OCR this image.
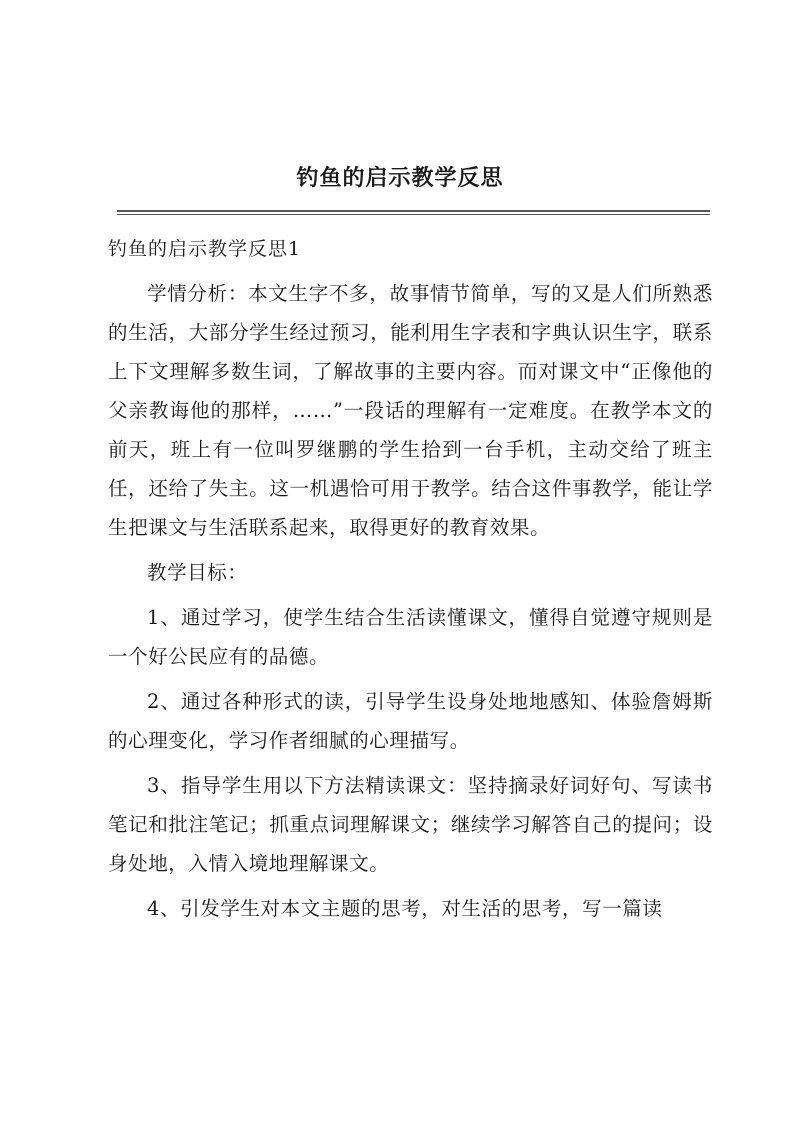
钓鱼的启示教学反思

钓鱼的启示教学反思1

学情分析：本文生字不多，故事情节简单，写的又是人们所熟悉的生活，大部分学生经过预习，能利用生字表和字典认识生字，联系上下文理解多数生词，了解故事的主要内容。而对课文中“正像他的父亲教诲他的那样，……”一段话的理解有一定难度。在教学本文的前天，班上有一位叫罗继鹏的学生拾到一台手机，主动交给了班主任，还给了失主。这一机遇恰可用于教学。结合这件事教学，能让学生把课文与生活联系起来，取得更好的教育效果。

教学目标：

1、通过学习，使学生结合生活读懂课文，懂得自觉遵守规则是一个好公民应有的品德。

2、通过各种形式的读，引导学生设身处地地感知、体验詹姆斯的心理变化，学习作者细腻的心理描写。

3、指导学生用以下方法精读课文：坚持摘录好词好句、写读书笔记和批注笔记；抓重点词理解课文；继续学习解答自己的提问；设身处地，入情入境地理解课文。

4、引发学生对本文主题的思考，对生活的思考，写一篇读
